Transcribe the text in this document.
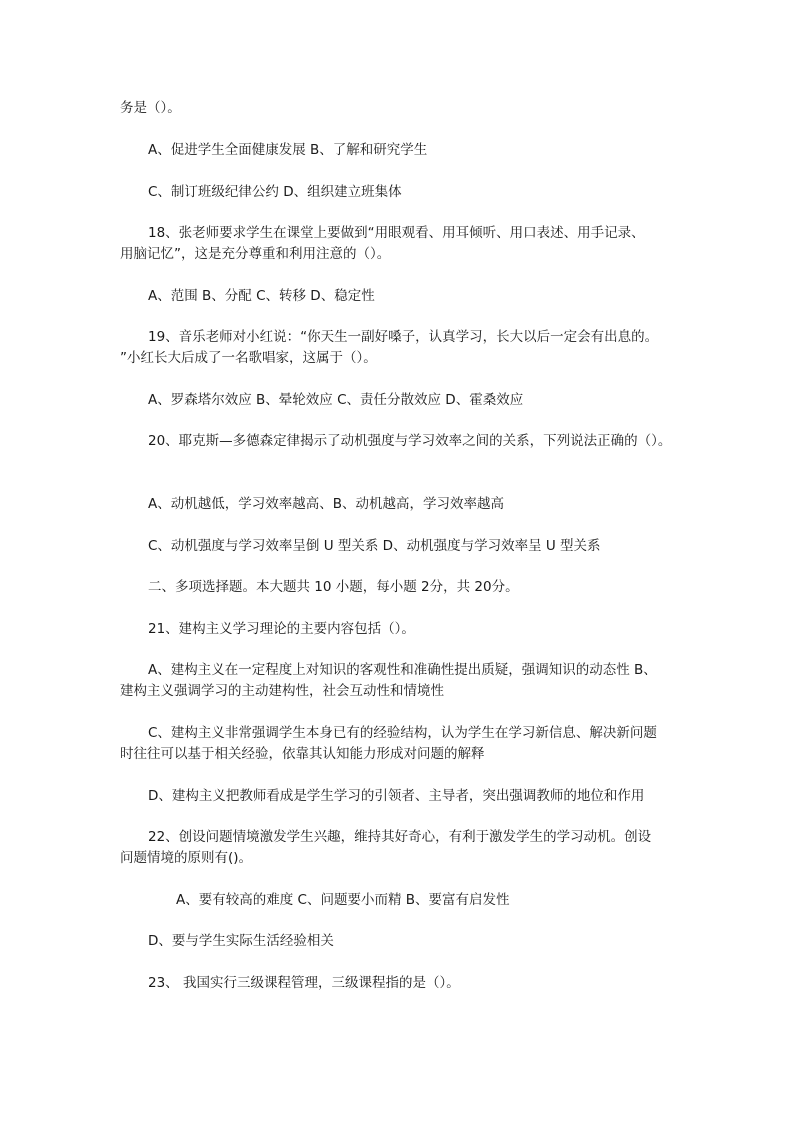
务是（）。
A、促进学生全面健康发展 B、了解和研究学生
C、制订班级纪律公约 D、组织建立班集体
18、张老师要求学生在课堂上要做到“用眼观看、用耳倾听、用口表述、用手记录、
用脑记忆”，这是充分尊重和利用注意的（）。
A、范围 B、分配 C、转移 D、稳定性
19、音乐老师对小红说：“你天生一副好嗓子，认真学习，长大以后一定会有出息的。
”小红长大后成了一名歌唱家，这属于（）。
A、罗森塔尔效应 B、晕轮效应 C、责任分散效应 D、霍桑效应
20、耶克斯—多德森定律揭示了动机强度与学习效率之间的关系，下列说法正确的（）。
A、动机越低，学习效率越高、B、动机越高，学习效率越高
C、动机强度与学习效率呈倒 U 型关系 D、动机强度与学习效率呈 U 型关系
二、多项选择题。本大题共 10 小题，每小题 2分，共 20分。
21、建构主义学习理论的主要内容包括（）。
A、建构主义在一定程度上对知识的客观性和准确性提出质疑，强调知识的动态性 B、
建构主义强调学习的主动建构性，社会互动性和情境性
C、建构主义非常强调学生本身已有的经验结构，认为学生在学习新信息、解决新问题
时往往可以基于相关经验，依靠其认知能力形成对问题的解释
D、建构主义把教师看成是学生学习的引领者、主导者，突出强调教师的地位和作用
22、创设问题情境激发学生兴趣，维持其好奇心，有利于激发学生的学习动机。创设
问题情境的原则有()。
A、要有较高的难度 C、问题要小而精 B、要富有启发性
D、要与学生实际生活经验相关
23、 我国实行三级课程管理，三级课程指的是（）。
